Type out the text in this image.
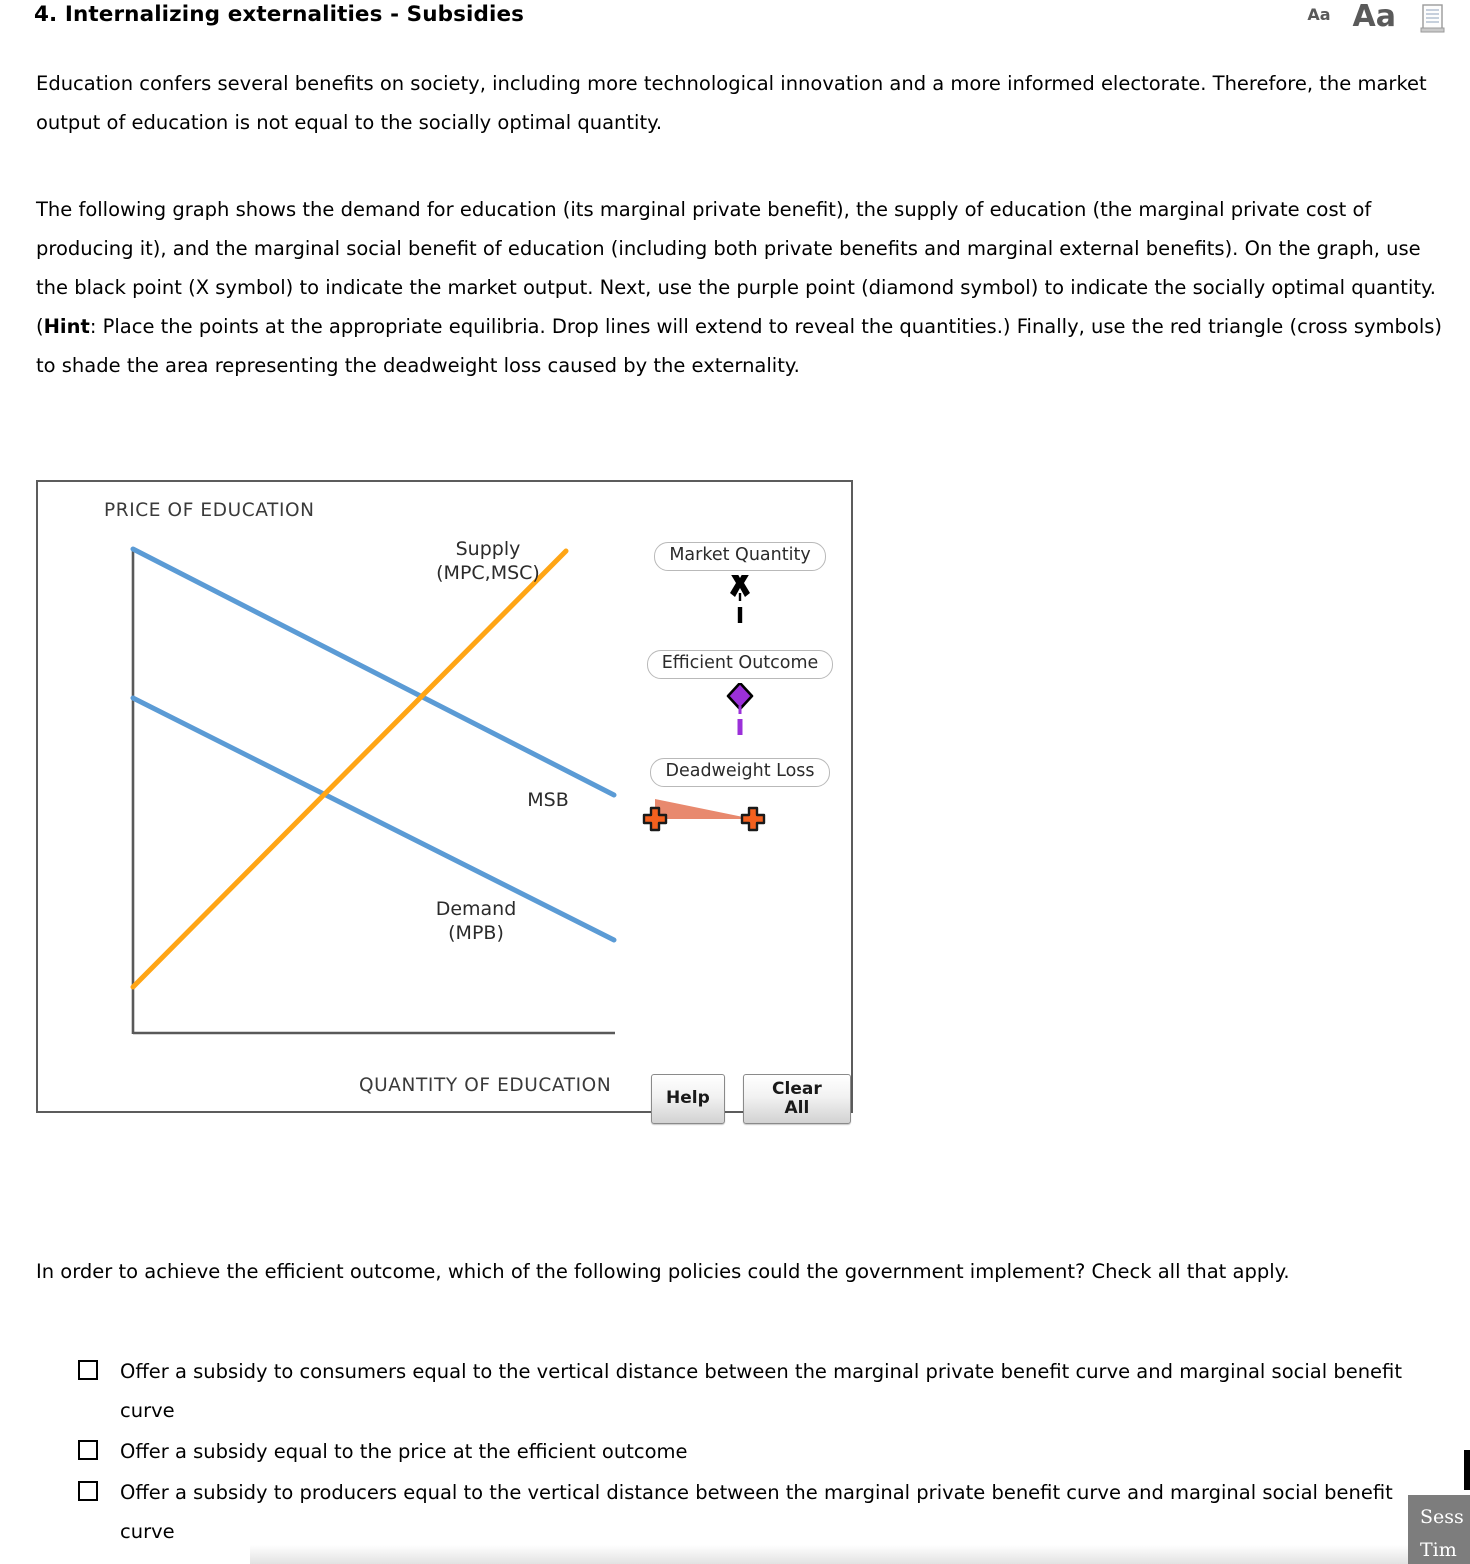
4. Internalizing externalities - Subsidies	Aa Aa
Education confers several benefits on society, including more technological innovation and a more informed electorate. Therefore, the market output of education is not equal to the socially optimal quantity.
The following graph shows the demand for education (its marginal private benefit), the supply of education (the marginal private cost of producing it), and the marginal social benefit of education (including both private benefits and marginal external benefits). On the graph, use the black point (X symbol) to indicate the market output. Next, use the purple point (diamond symbol) to indicate the socially optimal quantity. (Hint: Place the points at the appropriate equilibria. Drop lines will extend to reveal the quantities.) Finally, use the red triangle (cross symbols) to shade the area representing the deadweight loss caused by the externality.
PRICE OF EDUCATION
QUANTITY OF EDUCATION
Supply
(MPC,MSC)
MSB
Demand
(MPB)
Market Quantity
Efficient Outcome
Deadweight Loss
Help	Clear All
In order to achieve the efficient outcome, which of the following policies could the government implement? Check all that apply.
Offer a subsidy to consumers equal to the vertical distance between the marginal private benefit curve and marginal social benefit curve
Offer a subsidy equal to the price at the efficient outcome
Offer a subsidy to producers equal to the vertical distance between the marginal private benefit curve and marginal social benefit curve
Sess
Tim
